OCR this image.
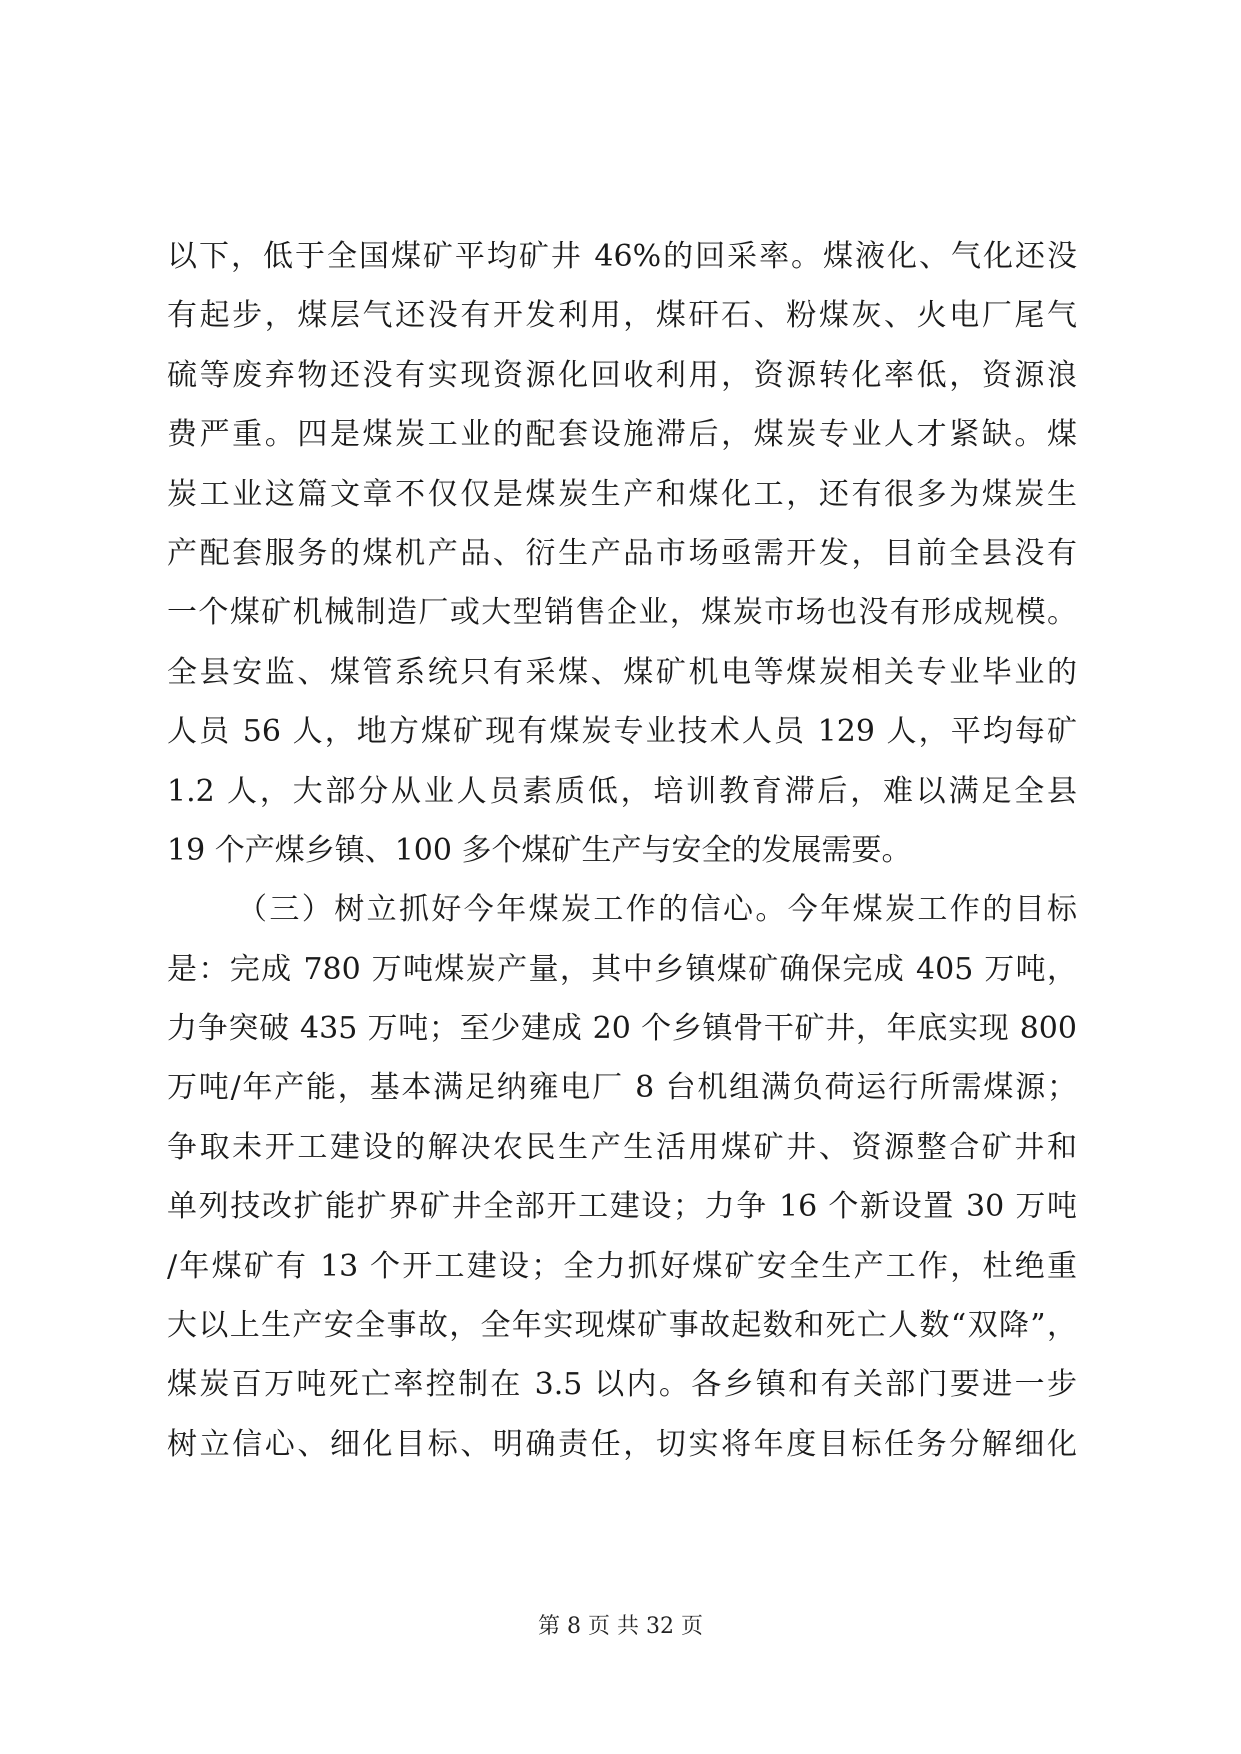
以下，低于全国煤矿平均矿井 46%的回采率。煤液化、气化还没
有起步，煤层气还没有开发利用，煤矸石、粉煤灰、火电厂尾气
硫等废弃物还没有实现资源化回收利用，资源转化率低，资源浪
费严重。四是煤炭工业的配套设施滞后，煤炭专业人才紧缺。煤
炭工业这篇文章不仅仅是煤炭生产和煤化工，还有很多为煤炭生
产配套服务的煤机产品、衍生产品市场亟需开发，目前全县没有
一个煤矿机械制造厂或大型销售企业，煤炭市场也没有形成规模。
全县安监、煤管系统只有采煤、煤矿机电等煤炭相关专业毕业的
人员 56 人，地方煤矿现有煤炭专业技术人员 129 人，平均每矿
1.2 人，大部分从业人员素质低，培训教育滞后，难以满足全县
19 个产煤乡镇、100 多个煤矿生产与安全的发展需要。
（三）树立抓好今年煤炭工作的信心。今年煤炭工作的目标
是：完成 780 万吨煤炭产量，其中乡镇煤矿确保完成 405 万吨，
力争突破 435 万吨；至少建成 20 个乡镇骨干矿井，年底实现 800
万吨/年产能，基本满足纳雍电厂 8 台机组满负荷运行所需煤源；
争取未开工建设的解决农民生产生活用煤矿井、资源整合矿井和
单列技改扩能扩界矿井全部开工建设；力争 16 个新设置 30 万吨
/年煤矿有 13 个开工建设；全力抓好煤矿安全生产工作，杜绝重
大以上生产安全事故，全年实现煤矿事故起数和死亡人数“双降”，
煤炭百万吨死亡率控制在 3.5 以内。各乡镇和有关部门要进一步
树立信心、细化目标、明确责任，切实将年度目标任务分解细化
第 8 页 共 32 页
